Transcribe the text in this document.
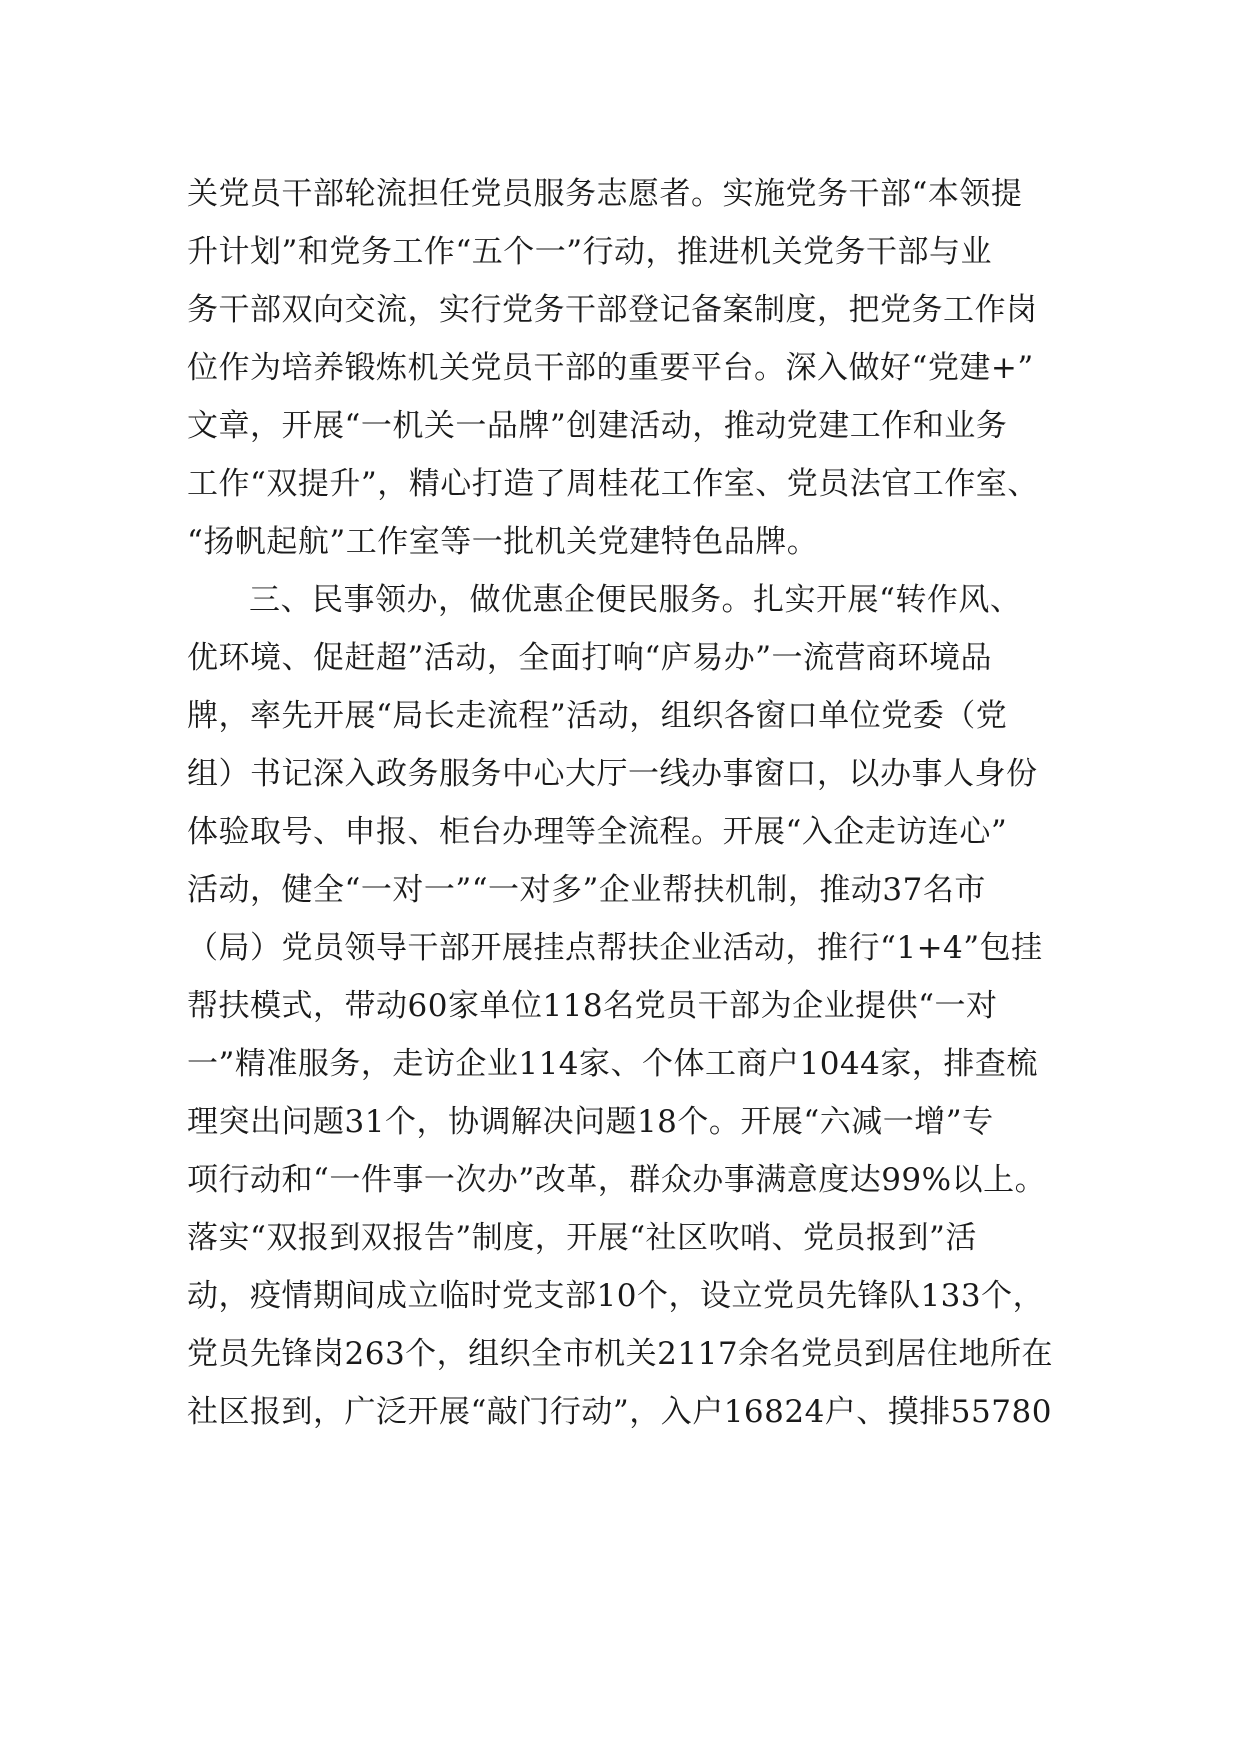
关党员干部轮流担任党员服务志愿者。实施党务干部“本领提
升计划”和党务工作“五个一”行动，推进机关党务干部与业
务干部双向交流，实行党务干部登记备案制度，把党务工作岗
位作为培养锻炼机关党员干部的重要平台。深入做好“党建+”
文章，开展“一机关一品牌”创建活动，推动党建工作和业务
工作“双提升”，精心打造了周桂花工作室、党员法官工作室、
“扬帆起航”工作室等一批机关党建特色品牌。
三、民事领办，做优惠企便民服务。扎实开展“转作风、
优环境、促赶超”活动，全面打响“庐易办”一流营商环境品
牌，率先开展“局长走流程”活动，组织各窗口单位党委（党
组）书记深入政务服务中心大厅一线办事窗口，以办事人身份
体验取号、申报、柜台办理等全流程。开展“入企走访连心”
活动，健全“一对一”“一对多”企业帮扶机制，推动37名市
（局）党员领导干部开展挂点帮扶企业活动，推行“1+4”包挂
帮扶模式，带动60家单位118名党员干部为企业提供“一对
一”精准服务，走访企业114家、个体工商户1044家，排查梳
理突出问题31个，协调解决问题18个。开展“六减一增”专
项行动和“一件事一次办”改革，群众办事满意度达99%以上。
落实“双报到双报告”制度，开展“社区吹哨、党员报到”活
动，疫情期间成立临时党支部10个，设立党员先锋队133个，
党员先锋岗263个，组织全市机关2117余名党员到居住地所在
社区报到，广泛开展“敲门行动”，入户16824户、摸排55780
